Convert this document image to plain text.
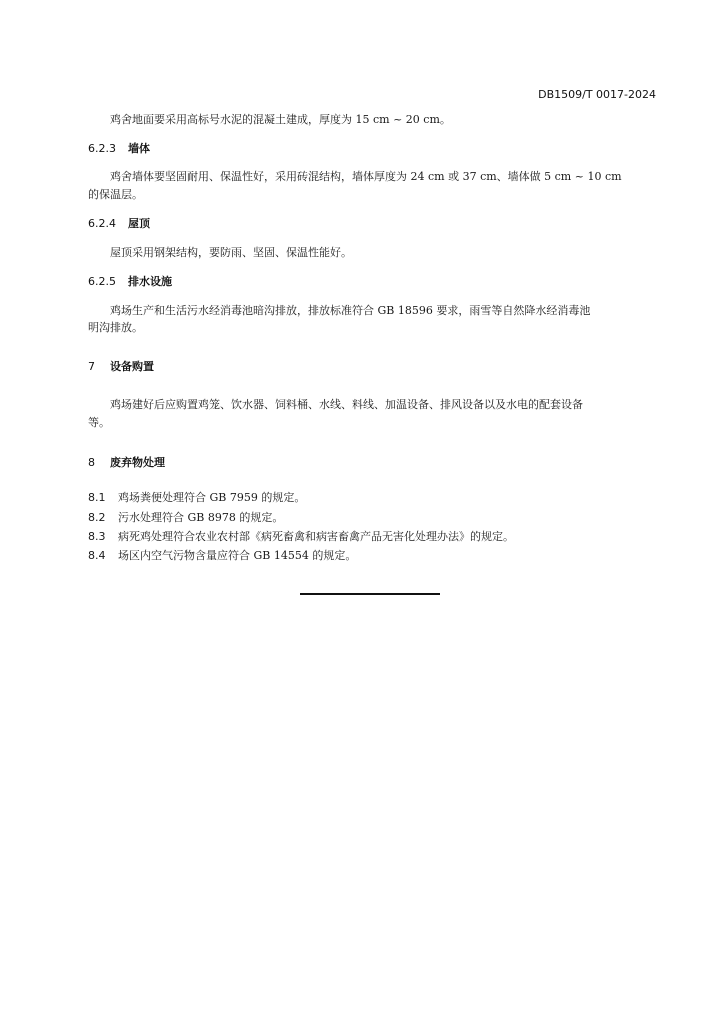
DB1509/T 0017-2024
鸡舍地面要采用高标号水泥的混凝土建成，厚度为 15 cm ~ 20 cm。
6.2.3 墙体
鸡舍墙体要坚固耐用、保温性好，采用砖混结构，墙体厚度为 24 cm 或 37 cm、墙体做 5 cm ~ 10 cm
的保温层。
6.2.4 屋顶
屋顶采用钢架结构，要防雨、坚固、保温性能好。
6.2.5 排水设施
鸡场生产和生活污水经消毒池暗沟排放，排放标准符合 GB 18596 要求，雨雪等自然降水经消毒池
明沟排放。
7 设备购置
鸡场建好后应购置鸡笼、饮水器、饲料桶、水线、料线、加温设备、排风设备以及水电的配套设备
等。
8 废弃物处理
8.1 鸡场粪便处理符合 GB 7959 的规定。
8.2 污水处理符合 GB 8978 的规定。
8.3 病死鸡处理符合农业农村部《病死畜禽和病害畜禽产品无害化处理办法》的规定。
8.4 场区内空气污物含量应符合 GB 14554 的规定。
